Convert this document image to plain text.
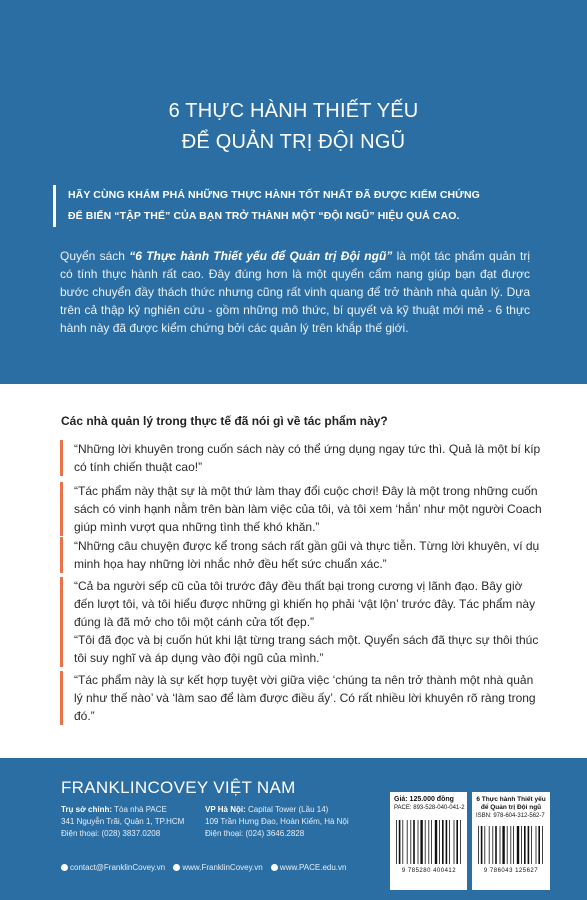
6 THỰC HÀNH THIẾT YẾU
ĐỂ QUẢN TRỊ ĐỘI NGŨ
HÃY CÙNG KHÁM PHÁ NHỮNG THỰC HÀNH TỐT NHẤT ĐÃ ĐƯỢC KIỂM CHỨNG
ĐỂ BIẾN “TẬP THỂ” CỦA BẠN TRỞ THÀNH MỘT “ĐỘI NGŨ” HIỆU QUẢ CAO.
Quyển sách “6 Thực hành Thiết yếu để Quản trị Đội ngũ” là một tác phẩm quản trị có tính thực hành rất cao. Đây đúng hơn là một quyển cẩm nang giúp bạn đạt được bước chuyển đầy thách thức nhưng cũng rất vinh quang để trở thành nhà quản lý. Dựa trên cả thập kỷ nghiên cứu - gồm những mô thức, bí quyết và kỹ thuật mới mẻ - 6 thực hành này đã được kiểm chứng bởi các quản lý trên khắp thế giới.
Các nhà quản lý trong thực tế đã nói gì về tác phẩm này?
“Những lời khuyên trong cuốn sách này có thể ứng dụng ngay tức thì. Quả là một bí kíp có tính chiến thuật cao!”
“Tác phẩm này thật sự là một thứ làm thay đổi cuộc chơi! Đây là một trong những cuốn sách có vinh hạnh nằm trên bàn làm việc của tôi, và tôi xem ‘hắn’ như một người Coach giúp mình vượt qua những tình thế khó khăn.”
“Những câu chuyện được kể trong sách rất gần gũi và thực tiễn. Từng lời khuyên, ví dụ minh họa hay những lời nhắc nhở đều hết sức chuẩn xác.”
“Cả ba người sếp cũ của tôi trước đây đều thất bại trong cương vị lãnh đạo. Bây giờ đến lượt tôi, và tôi hiểu được những gì khiến họ phải ‘vật lộn’ trước đây. Tác phẩm này đúng là đã mở cho tôi một cánh cửa tốt đẹp.”
“Tôi đã đọc và bị cuốn hút khi lật từng trang sách một. Quyển sách đã thực sự thôi thúc tôi suy nghĩ và áp dụng vào đội ngũ của mình.”
“Tác phẩm này là sự kết hợp tuyệt vời giữa việc ‘chúng ta nên trở thành một nhà quản lý như thế nào’ và ‘làm sao để làm được điều ấy’. Có rất nhiều lời khuyên rõ ràng trong đó.”
FRANKLINCOVEY VIỆT NAM
Trụ sở chính: Tòa nhà PACE
341 Nguyễn Trãi, Quận 1, TP.HCM
Điện thoại: (028) 3837.0208
VP Hà Nội: Capital Tower (Lầu 14)
109 Trần Hưng Đạo, Hoàn Kiếm, Hà Nội
Điện thoại: (024) 3646.2828
contact@FranklinCovey.vn www.FranklinCovey.vn www.PACE.edu.vn
Giá: 125.000 đồng
PACE: 893-528-040-041-2
9 785280 400412
6 Thực hành Thiết yếu để Quản trị Đội ngũ
ISBN: 978-604-312-562-7
9 786043 125627
